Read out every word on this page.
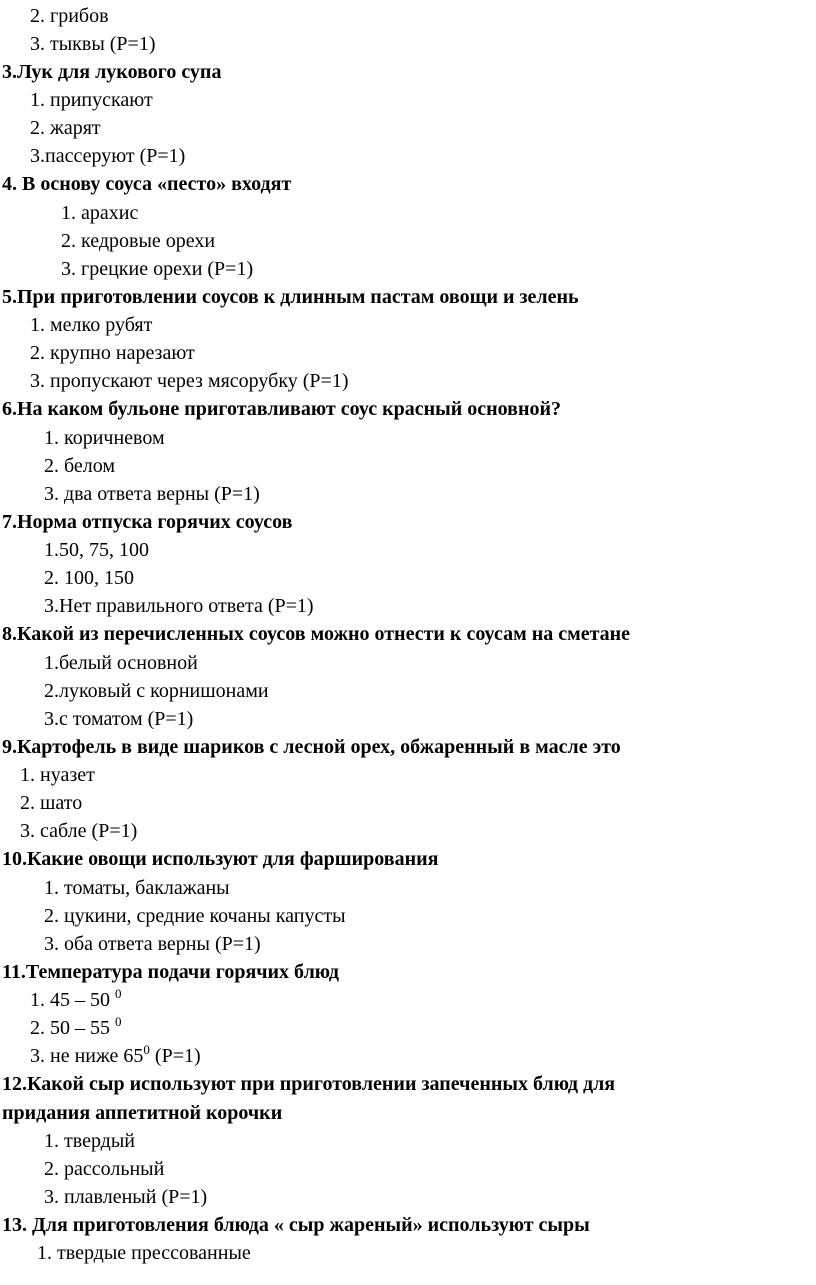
2. грибов
3. тыквы (Р=1)
3.Лук для лукового супа
1. припускают
2. жарят
3.пассеруют (Р=1)
4. В основу соуса «песто» входят
1. арахис
2. кедровые орехи
3. грецкие орехи (Р=1)
5.При приготовлении соусов к длинным пастам овощи и зелень
1. мелко рубят
2. крупно нарезают
3. пропускают через мясорубку (Р=1)
6.На каком бульоне приготавливают соус красный основной?
1. коричневом
2. белом
3. два ответа верны (Р=1)
7.Норма отпуска горячих соусов
1.50, 75, 100
2. 100, 150
3.Нет правильного ответа (Р=1)
8.Какой из перечисленных соусов можно отнести к соусам на сметане
1.белый основной
2.луковый с корнишонами
3.с томатом (Р=1)
9.Картофель в виде шариков с лесной орех, обжаренный в масле это
1. нуазет
2. шато
3. сабле (Р=1)
10.Какие овощи используют для фарширования
1. томаты, баклажаны
2. цукини, средние кочаны капусты
3. оба ответа верны (Р=1)
11.Температура подачи горячих блюд
1. 45 – 50 $^0$
2. 50 – 55 $^0$
3. не ниже $65^0$ (Р=1)
12.Какой сыр используют при приготовлении запеченных блюд для
придания аппетитной корочки
1. твердый
2. рассольный
3. плавленый (Р=1)
13. Для приготовления блюда « сыр жареный» используют сыры
1. твердые прессованные
